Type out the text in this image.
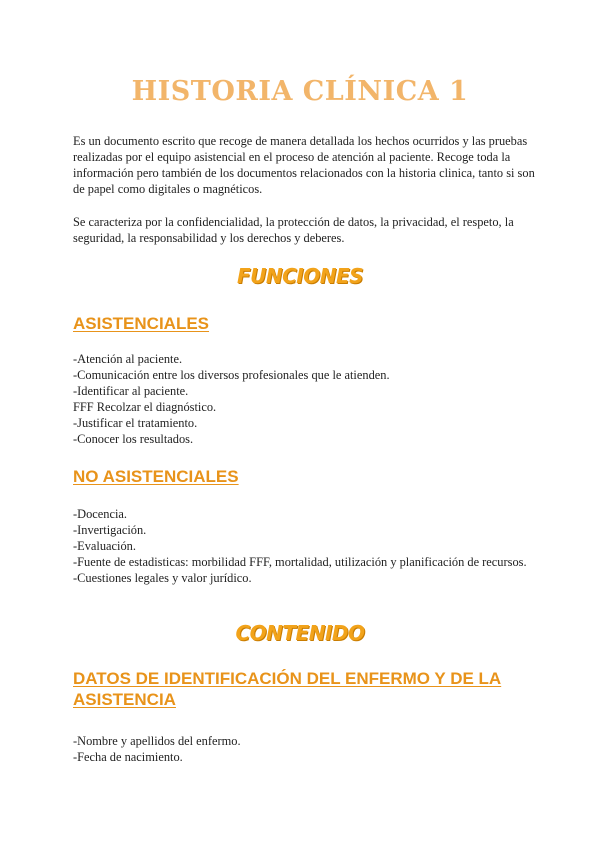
HISTORIA CLÍNICA 1

Es un documento escrito que recoge de manera detallada los hechos ocurridos y las pruebas realizadas por el equipo asistencial en el proceso de atención al paciente. Recoge toda la información pero también de los documentos relacionados con la historia clinica, tanto si son de papel como digitales o magnéticos.

Se caracteriza por la confidencialidad, la protección de datos, la privacidad, el respeto, la seguridad, la responsabilidad y los derechos y deberes.

FUNCIONES
ASISTENCIALES
-Atención al paciente.
-Comunicación entre los diversos profesionales que le atienden.
-Identificar al paciente.
FFF Recolzar el diagnóstico.
-Justificar el tratamiento.
-Conocer los resultados.
NO ASISTENCIALES
-Docencia.
-Invertigación.
-Evaluación.
-Fuente de estadisticas: morbilidad FFF, mortalidad, utilización y planificación de recursos.
-Cuestiones legales y valor jurídico.
CONTENIDO
DATOS DE IDENTIFICACIÓN DEL ENFERMO Y DE LA ASISTENCIA
-Nombre y apellidos del enfermo.
-Fecha de nacimiento.
